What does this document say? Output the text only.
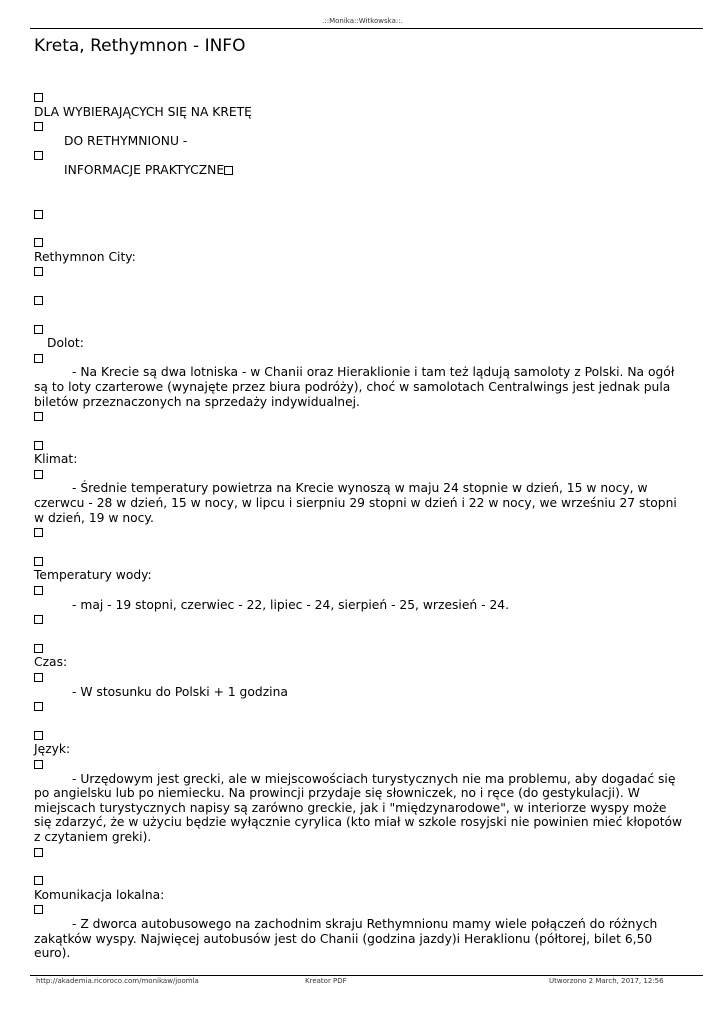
.::Monika::Witkowska::.
Kreta, Rethymnon - INFO
DLA WYBIERAJĄCYCH SIĘ NA KRETĘ
DO RETHYMNIONU -
INFORMACJE PRAKTYCZNE
Rethymnon City:
Dolot:
- Na Krecie są dwa lotniska - w Chanii oraz Hieraklionie i tam też lądują samoloty z Polski. Na ogół są to loty czarterowe (wynajęte przez biura podróży), choć w samolotach Centralwings jest jednak pula biletów przeznaczonych na sprzedaży indywidualnej.
Klimat:
- Średnie temperatury powietrza na Krecie wynoszą w maju 24 stopnie w dzień, 15 w nocy, w czerwcu - 28 w dzień, 15 w nocy, w lipcu i sierpniu 29 stopni w dzień i 22 w nocy, we wrześniu 27 stopni w dzień, 19 w nocy.
Temperatury wody:
- maj - 19 stopni, czerwiec - 22, lipiec - 24, sierpień - 25, wrzesień - 24.
Czas:
- W stosunku do Polski + 1 godzina
Język:
- Urzędowym jest grecki, ale w miejscowościach turystycznych nie ma problemu, aby dogadać się po angielsku lub po niemiecku. Na prowincji przydaje się słowniczek, no i ręce (do gestykulacji). W miejscach turystycznych napisy są zarówno greckie, jak i "międzynarodowe", w interiorze wyspy może się zdarzyć, że w użyciu będzie wyłącznie cyrylica (kto miał w szkole rosyjski nie powinien mieć kłopotów z czytaniem greki).
Komunikacja lokalna:
- Z dworca autobusowego na zachodnim skraju Rethymnionu mamy wiele połączeń do różnych zakątków wyspy. Najwięcej autobusów jest do Chanii (godzina jazdy)i Heraklionu (półtorej, bilet 6,50 euro).
http://akademia.ricoroco.com/monikaw/joomla	Kreator PDF	Utworzono 2 March, 2017, 12:56
